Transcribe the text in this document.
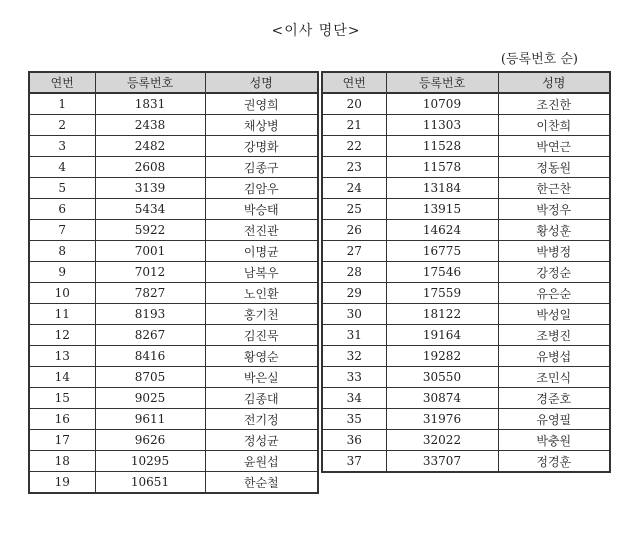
<이사 명단>
(등록번호 순)
연번	등록번호	성명
1	1831	권영희
2	2438	채상병
3	2482	강명화
4	2608	김종구
5	3139	김암우
6	5434	박승태
7	5922	전진관
8	7001	이명균
9	7012	남복우
10	7827	노인환
11	8193	홍기천
12	8267	김진묵
13	8416	황영순
14	8705	박은실
15	9025	김종대
16	9611	전기정
17	9626	정성균
18	10295	윤원섭
19	10651	한순철
연번	등록번호	성명
20	10709	조진한
21	11303	이찬희
22	11528	박연근
23	11578	정동원
24	13184	한근찬
25	13915	박정우
26	14624	황성훈
27	16775	박병정
28	17546	강정순
29	17559	유은순
30	18122	박성일
31	19164	조병진
32	19282	유병섭
33	30550	조민식
34	30874	경준호
35	31976	유영필
36	32022	박충원
37	33707	정경훈
